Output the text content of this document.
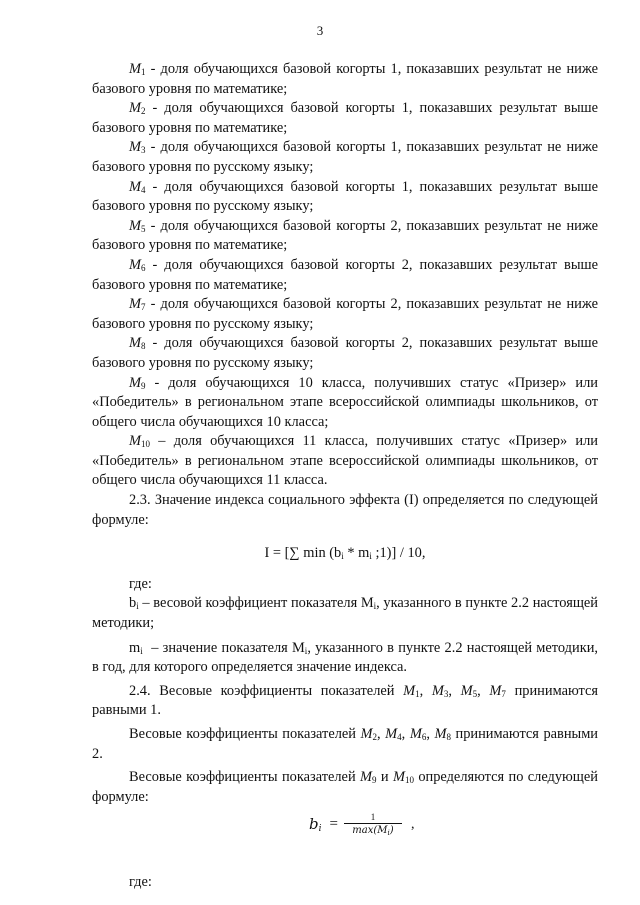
3

$M_1$ - доля обучающихся базовой когорты 1, показавших результат не ниже базового уровня по математике;

$M_2$ - доля обучающихся базовой когорты 1, показавших результат выше базового уровня по математике;

$M_3$ - доля обучающихся базовой когорты 1, показавших результат не ниже базового уровня по русскому языку;

$M_4$ - доля обучающихся базовой когорты 1, показавших результат выше базового уровня по русскому языку;

$M_5$ - доля обучающихся базовой когорты 2, показавших результат не ниже базового уровня по математике;

$M_6$ - доля обучающихся базовой когорты 2, показавших результат выше базового уровня по математике;

$M_7$ - доля обучающихся базовой когорты 2, показавших результат не ниже базового уровня по русскому языку;

$M_8$ - доля обучающихся базовой когорты 2, показавших результат выше базового уровня по русскому языку;

$M_9$ - доля обучающихся 10 класса, получивших статус «Призер» или «Победитель» в региональном этапе всероссийской олимпиады школьников, от общего числа обучающихся 10 класса;

$M_{10}$ – доля обучающихся 11 класса, получивших статус «Призер» или «Победитель» в региональном этапе всероссийской олимпиады школьников, от общего числа обучающихся 11 класса.

2.3. Значение индекса социального эффекта (I) определяется по следующей формуле:

I = [∑ $\min (b_i * m_i$ ;1)] / 10,

где:

$b_i$ – весовой коэффициент показателя $M_i$, указанного в пункте 2.2 настоящей методики;

$m_i$  – значение показателя $M_i$, указанного в пункте 2.2 настоящей методики, в год, для которого определяется значение индекса.

2.4. Весовые коэффициенты показателей $M_1$, $M_3$, $M_5$, $M_7$ принимаются равными 1.

Весовые коэффициенты показателей $M_2$, $M_4$, $M_6$, $M_8$ принимаются равными 2.

Весовые коэффициенты показателей $M_9$ и $M_{10}$ определяются по следующей формуле:

$b_i = \frac{1}{\max(M_i)}$ ,

где:
